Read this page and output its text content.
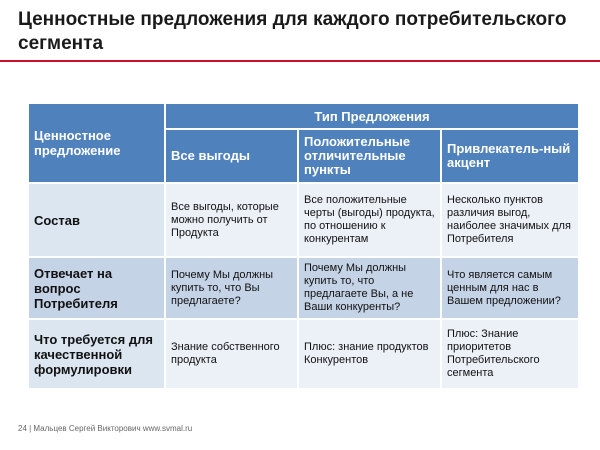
Ценностные предложения для каждого потребительского сегмента
Ценностное предложение	Тип Предложения		
	Все выгоды	Положительные отличительные пункты	Привлекатель-ный акцент
Состав	Все выгоды, которые можно получить от Продукта	Все положительные черты (выгоды) продукта, по отношению к конкурентам	Несколько пунктов различия выгод, наиболее значимых для Потребителя
Отвечает на вопрос Потребителя	Почему Мы должны купить то, что Вы предлагаете?	Почему Мы должны купить то, что предлагаете Вы, а не Ваши конкуренты?	Что является самым ценным для нас в Вашем предложении?
Что требуется для качественной формулировки	Знание собственного продукта	Плюс: знание продуктов Конкурентов	Плюс: Знание приоритетов Потребительского сегмента
24 | Мальцев Сергей Викторович www.svmal.ru
